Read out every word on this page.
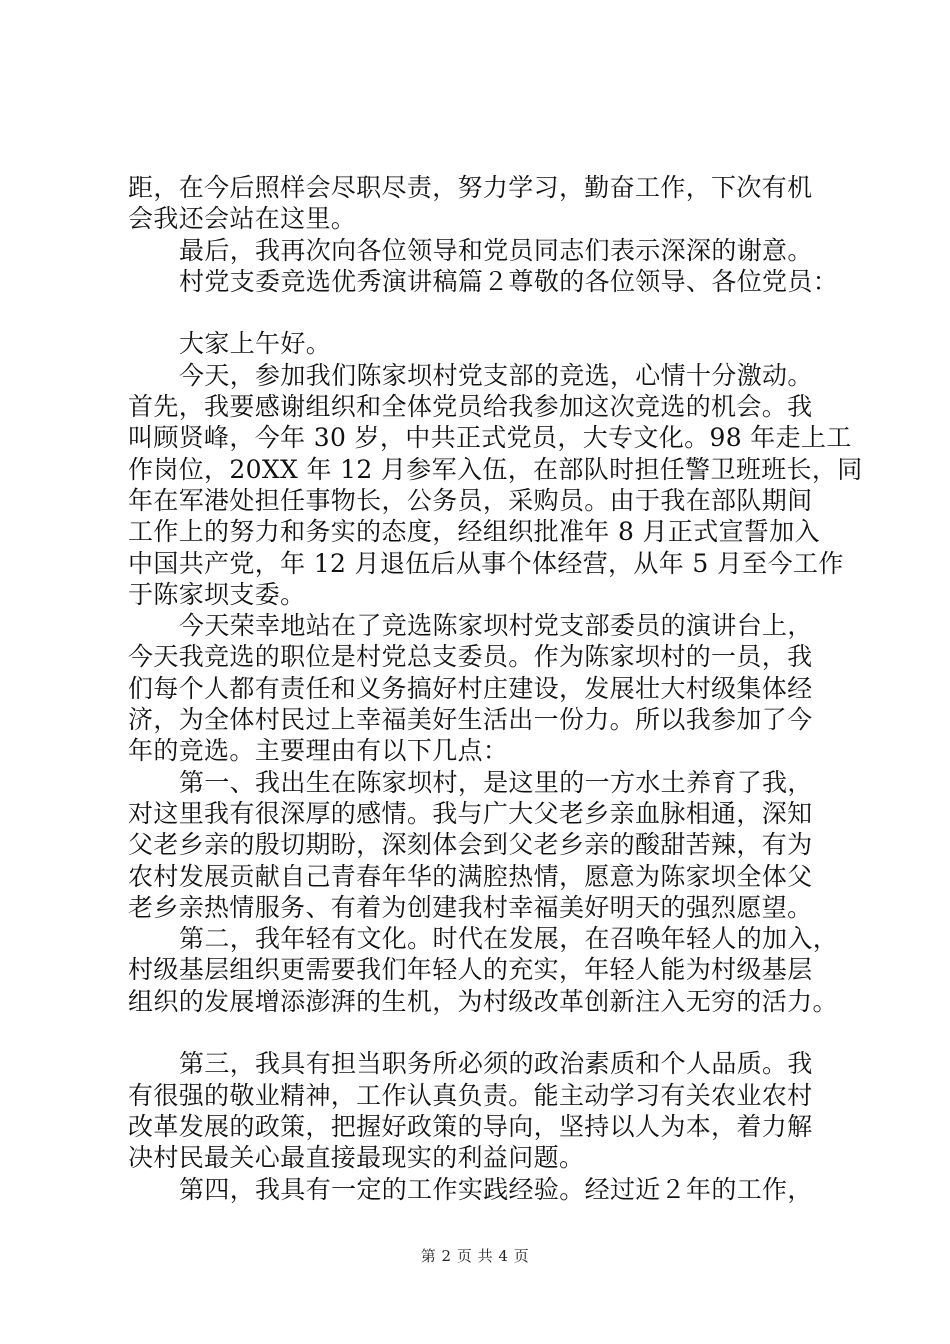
距，在今后照样会尽职尽责，努力学习，勤奋工作，下次有机
会我还会站在这里。
最后，我再次向各位领导和党员同志们表示深深的谢意。
村党支委竞选优秀演讲稿篇２尊敬的各位领导、各位党员：
大家上午好。
今天，参加我们陈家坝村党支部的竞选，心情十分激动。
首先，我要感谢组织和全体党员给我参加这次竞选的机会。我
叫顾贤峰，今年 30 岁，中共正式党员，大专文化。98 年走上工
作岗位，20XX 年 12 月参军入伍，在部队时担任警卫班班长，同
年在军港处担任事物长，公务员，采购员。由于我在部队期间
工作上的努力和务实的态度，经组织批准年 8 月正式宣誓加入
中国共产党，年 12 月退伍后从事个体经营，从年 5 月至今工作
于陈家坝支委。
今天荣幸地站在了竞选陈家坝村党支部委员的演讲台上，
今天我竞选的职位是村党总支委员。作为陈家坝村的一员，我
们每个人都有责任和义务搞好村庄建设，发展壮大村级集体经
济，为全体村民过上幸福美好生活出一份力。所以我参加了今
年的竞选。主要理由有以下几点：
第一、我出生在陈家坝村，是这里的一方水土养育了我，
对这里我有很深厚的感情。我与广大父老乡亲血脉相通，深知
父老乡亲的殷切期盼，深刻体会到父老乡亲的酸甜苦辣，有为
农村发展贡献自己青春年华的满腔热情，愿意为陈家坝全体父
老乡亲热情服务、有着为创建我村幸福美好明天的强烈愿望。
第二，我年轻有文化。时代在发展，在召唤年轻人的加入，
村级基层组织更需要我们年轻人的充实，年轻人能为村级基层
组织的发展增添澎湃的生机，为村级改革创新注入无穷的活力。
第三，我具有担当职务所必须的政治素质和个人品质。我
有很强的敬业精神，工作认真负责。能主动学习有关农业农村
改革发展的政策，把握好政策的导向，坚持以人为本，着力解
决村民最关心最直接最现实的利益问题。
第四，我具有一定的工作实践经验。经过近２年的工作，
第 2 页 共 4 页
